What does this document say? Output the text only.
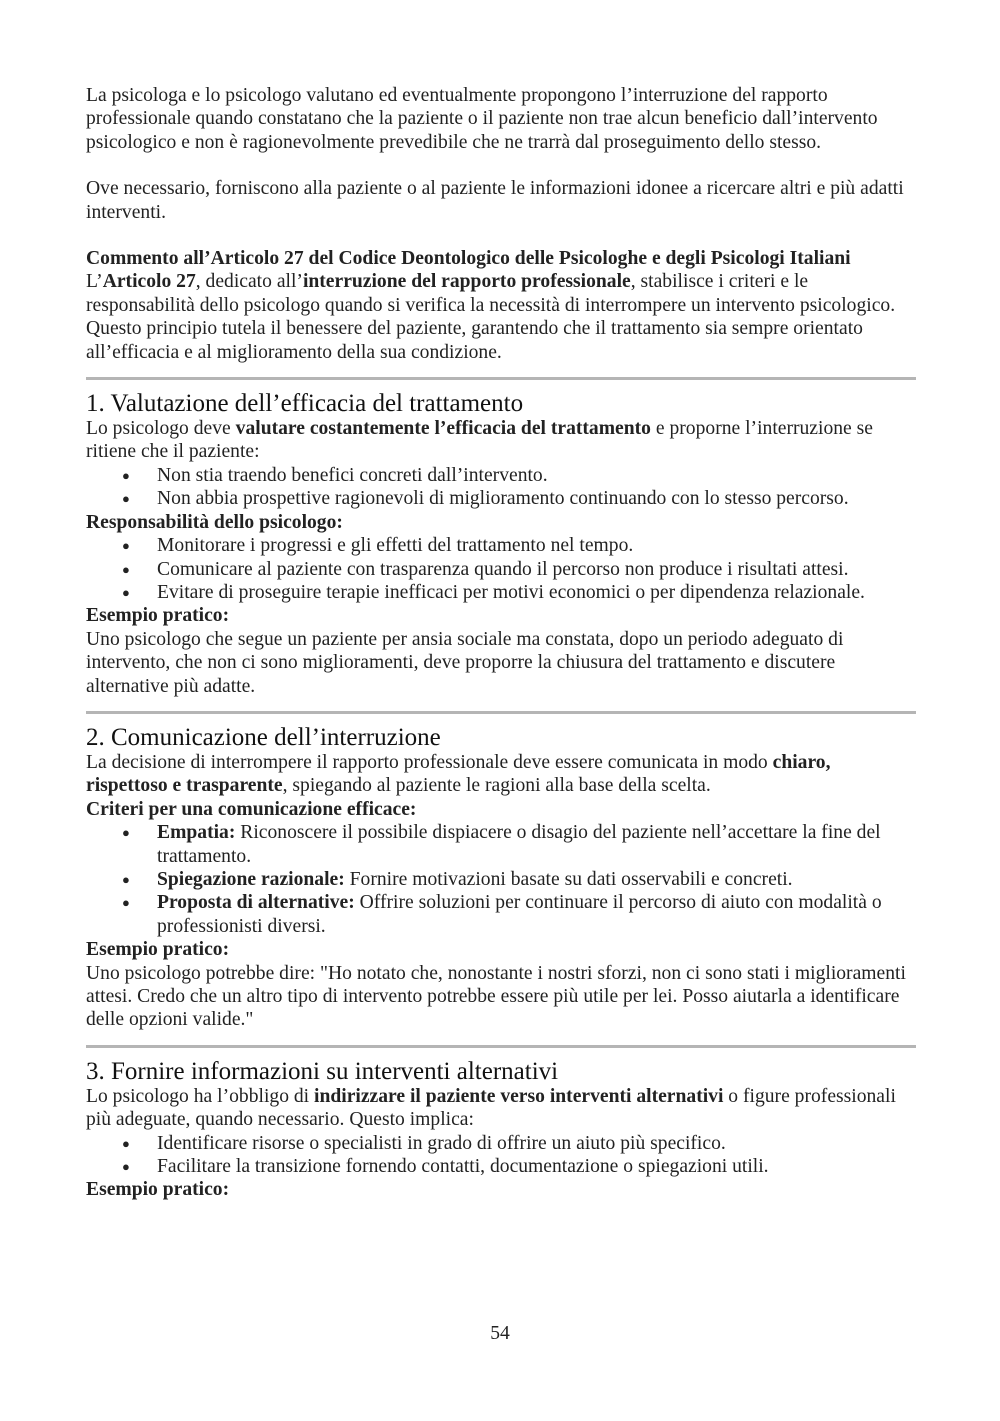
La psicologa e lo psicologo valutano ed eventualmente propongono l’interruzione del rapporto professionale quando constatano che la paziente o il paziente non trae alcun beneficio dall’intervento psicologico e non è ragionevolmente prevedibile che ne trarrà dal proseguimento dello stesso.

Ove necessario, forniscono alla paziente o al paziente le informazioni idonee a ricercare altri e più adatti interventi.

Commento all’Articolo 27 del Codice Deontologico delle Psicologhe e degli Psicologi Italiani

L’Articolo 27, dedicato all’interruzione del rapporto professionale, stabilisce i criteri e le responsabilità dello psicologo quando si verifica la necessità di interrompere un intervento psicologico. Questo principio tutela il benessere del paziente, garantendo che il trattamento sia sempre orientato all’efficacia e al miglioramento della sua condizione.

1. Valutazione dell’efficacia del trattamento

Lo psicologo deve valutare costantemente l’efficacia del trattamento e proporne l’interruzione se ritiene che il paziente:

● Non stia traendo benefici concreti dall’intervento.
● Non abbia prospettive ragionevoli di miglioramento continuando con lo stesso percorso.

Responsabilità dello psicologo:

● Monitorare i progressi e gli effetti del trattamento nel tempo.
● Comunicare al paziente con trasparenza quando il percorso non produce i risultati attesi.
● Evitare di proseguire terapie inefficaci per motivi economici o per dipendenza relazionale.

Esempio pratico:

Uno psicologo che segue un paziente per ansia sociale ma constata, dopo un periodo adeguato di intervento, che non ci sono miglioramenti, deve proporre la chiusura del trattamento e discutere alternative più adatte.

2. Comunicazione dell’interruzione

La decisione di interrompere il rapporto professionale deve essere comunicata in modo chiaro, rispettoso e trasparente, spiegando al paziente le ragioni alla base della scelta.

Criteri per una comunicazione efficace:

● Empatia: Riconoscere il possibile dispiacere o disagio del paziente nell’accettare la fine del trattamento.
● Spiegazione razionale: Fornire motivazioni basate su dati osservabili e concreti.
● Proposta di alternative: Offrire soluzioni per continuare il percorso di aiuto con modalità o professionisti diversi.

Esempio pratico:

Uno psicologo potrebbe dire: "Ho notato che, nonostante i nostri sforzi, non ci sono stati i miglioramenti attesi. Credo che un altro tipo di intervento potrebbe essere più utile per lei. Posso aiutarla a identificare delle opzioni valide."

3. Fornire informazioni su interventi alternativi

Lo psicologo ha l’obbligo di indirizzare il paziente verso interventi alternativi o figure professionali più adeguate, quando necessario. Questo implica:

● Identificare risorse o specialisti in grado di offrire un aiuto più specifico.
● Facilitare la transizione fornendo contatti, documentazione o spiegazioni utili.

Esempio pratico:

54
